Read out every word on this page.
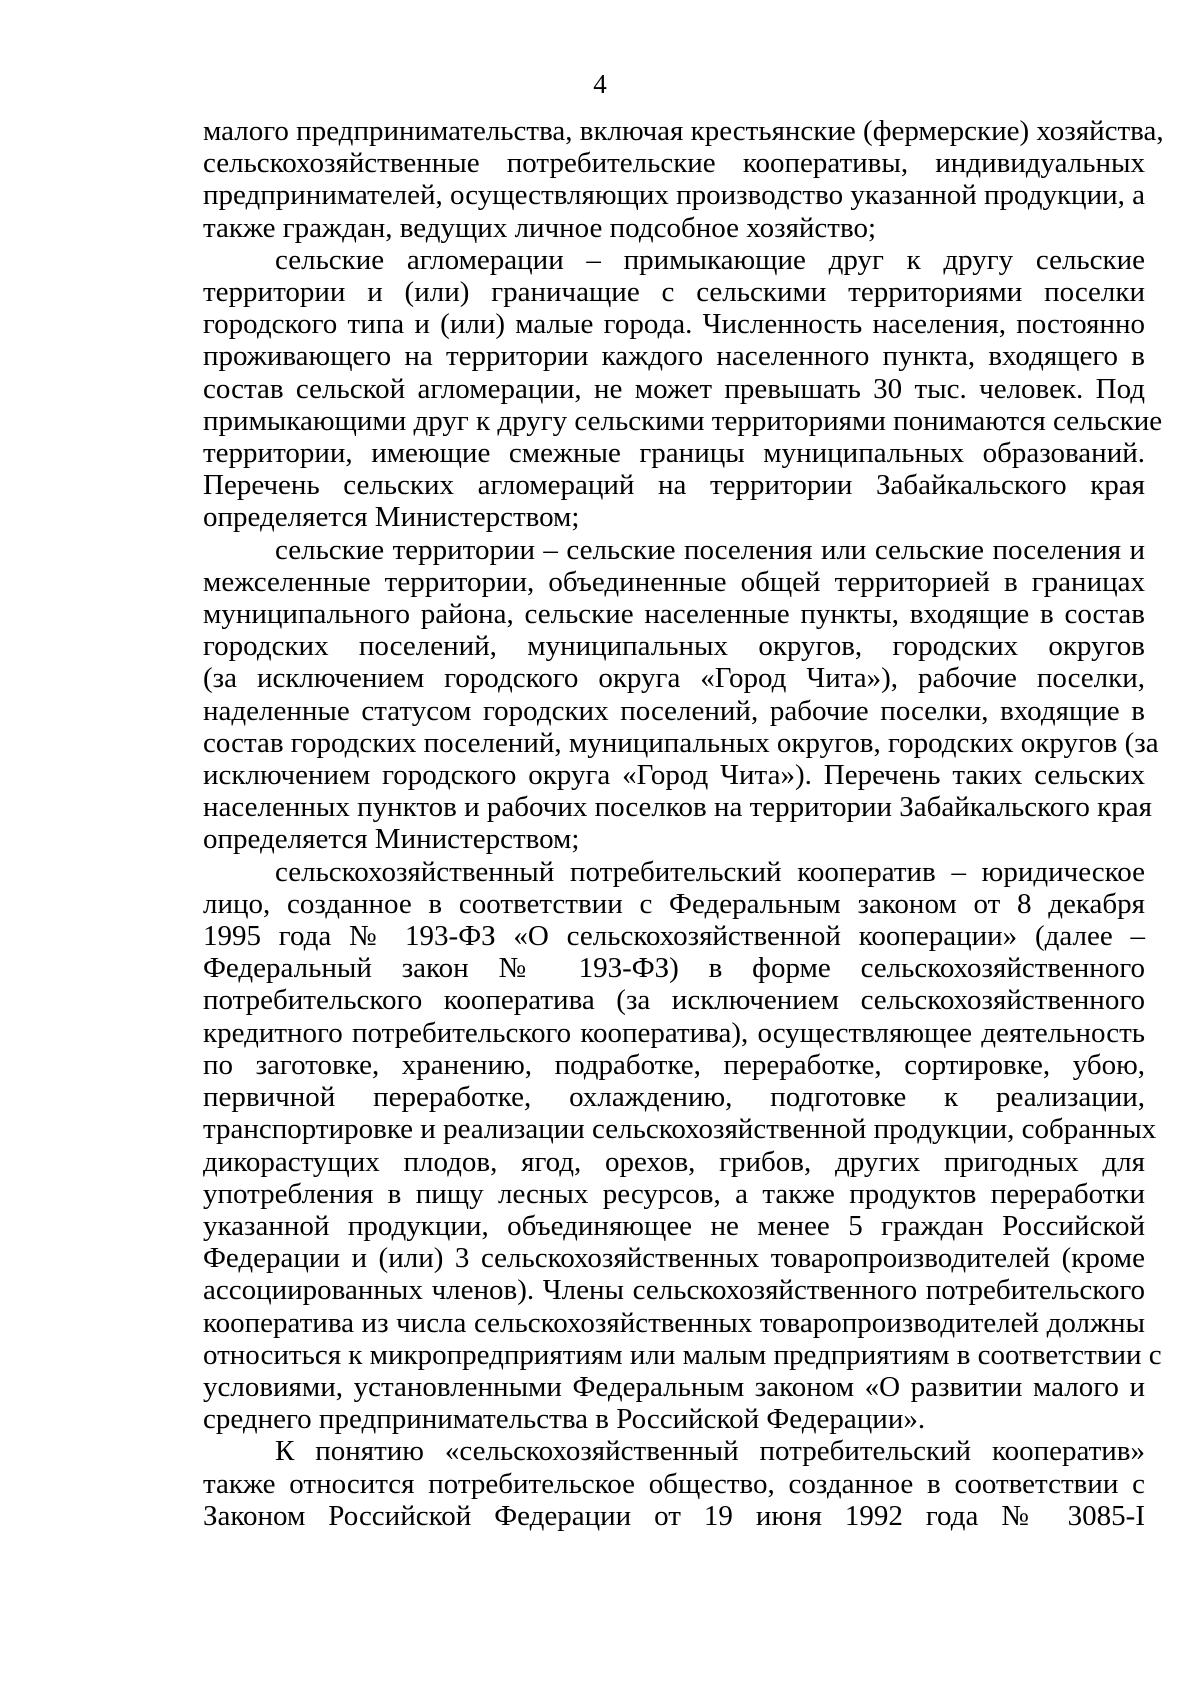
4
малого предпринимательства, включая крестьянские (фермерские) хозяйства,
сельскохозяйственные потребительские кооперативы, индивидуальных
предпринимателей, осуществляющих производство указанной продукции, а
также граждан, ведущих личное подсобное хозяйство;
сельские агломерации – примыкающие друг к другу сельские
территории и (или) граничащие с сельскими территориями поселки
городского типа и (или) малые города. Численность населения, постоянно
проживающего на территории каждого населенного пункта, входящего в
состав сельской агломерации, не может превышать 30 тыс. человек. Под
примыкающими друг к другу сельскими территориями понимаются сельские
территории, имеющие смежные границы муниципальных образований.
Перечень сельских агломераций на территории Забайкальского края
определяется Министерством;
сельские территории – сельские поселения или сельские поселения и
межселенные территории, объединенные общей территорией в границах
муниципального района, сельские населенные пункты, входящие в состав
городских поселений, муниципальных округов, городских округов
(за исключением городского округа «Город Чита»), рабочие поселки,
наделенные статусом городских поселений, рабочие поселки, входящие в
состав городских поселений, муниципальных округов, городских округов (за
исключением городского округа «Город Чита»). Перечень таких сельских
населенных пунктов и рабочих поселков на территории Забайкальского края
определяется Министерством;
сельскохозяйственный потребительский кооператив – юридическое
лицо, созданное в соответствии с Федеральным законом от 8 декабря
1995 года № 193-ФЗ «О сельскохозяйственной кооперации» (далее –
Федеральный закон № 193-ФЗ) в форме сельскохозяйственного
потребительского кооператива (за исключением сельскохозяйственного
кредитного потребительского кооператива), осуществляющее деятельность
по заготовке, хранению, подработке, переработке, сортировке, убою,
первичной переработке, охлаждению, подготовке к реализации,
транспортировке и реализации сельскохозяйственной продукции, собранных
дикорастущих плодов, ягод, орехов, грибов, других пригодных для
употребления в пищу лесных ресурсов, а также продуктов переработки
указанной продукции, объединяющее не менее 5 граждан Российской
Федерации и (или) 3 сельскохозяйственных товаропроизводителей (кроме
ассоциированных членов). Члены сельскохозяйственного потребительского
кооператива из числа сельскохозяйственных товаропроизводителей должны
относиться к микропредприятиям или малым предприятиям в соответствии с
условиями, установленными Федеральным законом «О развитии малого и
среднего предпринимательства в Российской Федерации».
К понятию «сельскохозяйственный потребительский кооператив»
также относится потребительское общество, созданное в соответствии с
Законом Российской Федерации от 19 июня 1992 года № 3085-I
